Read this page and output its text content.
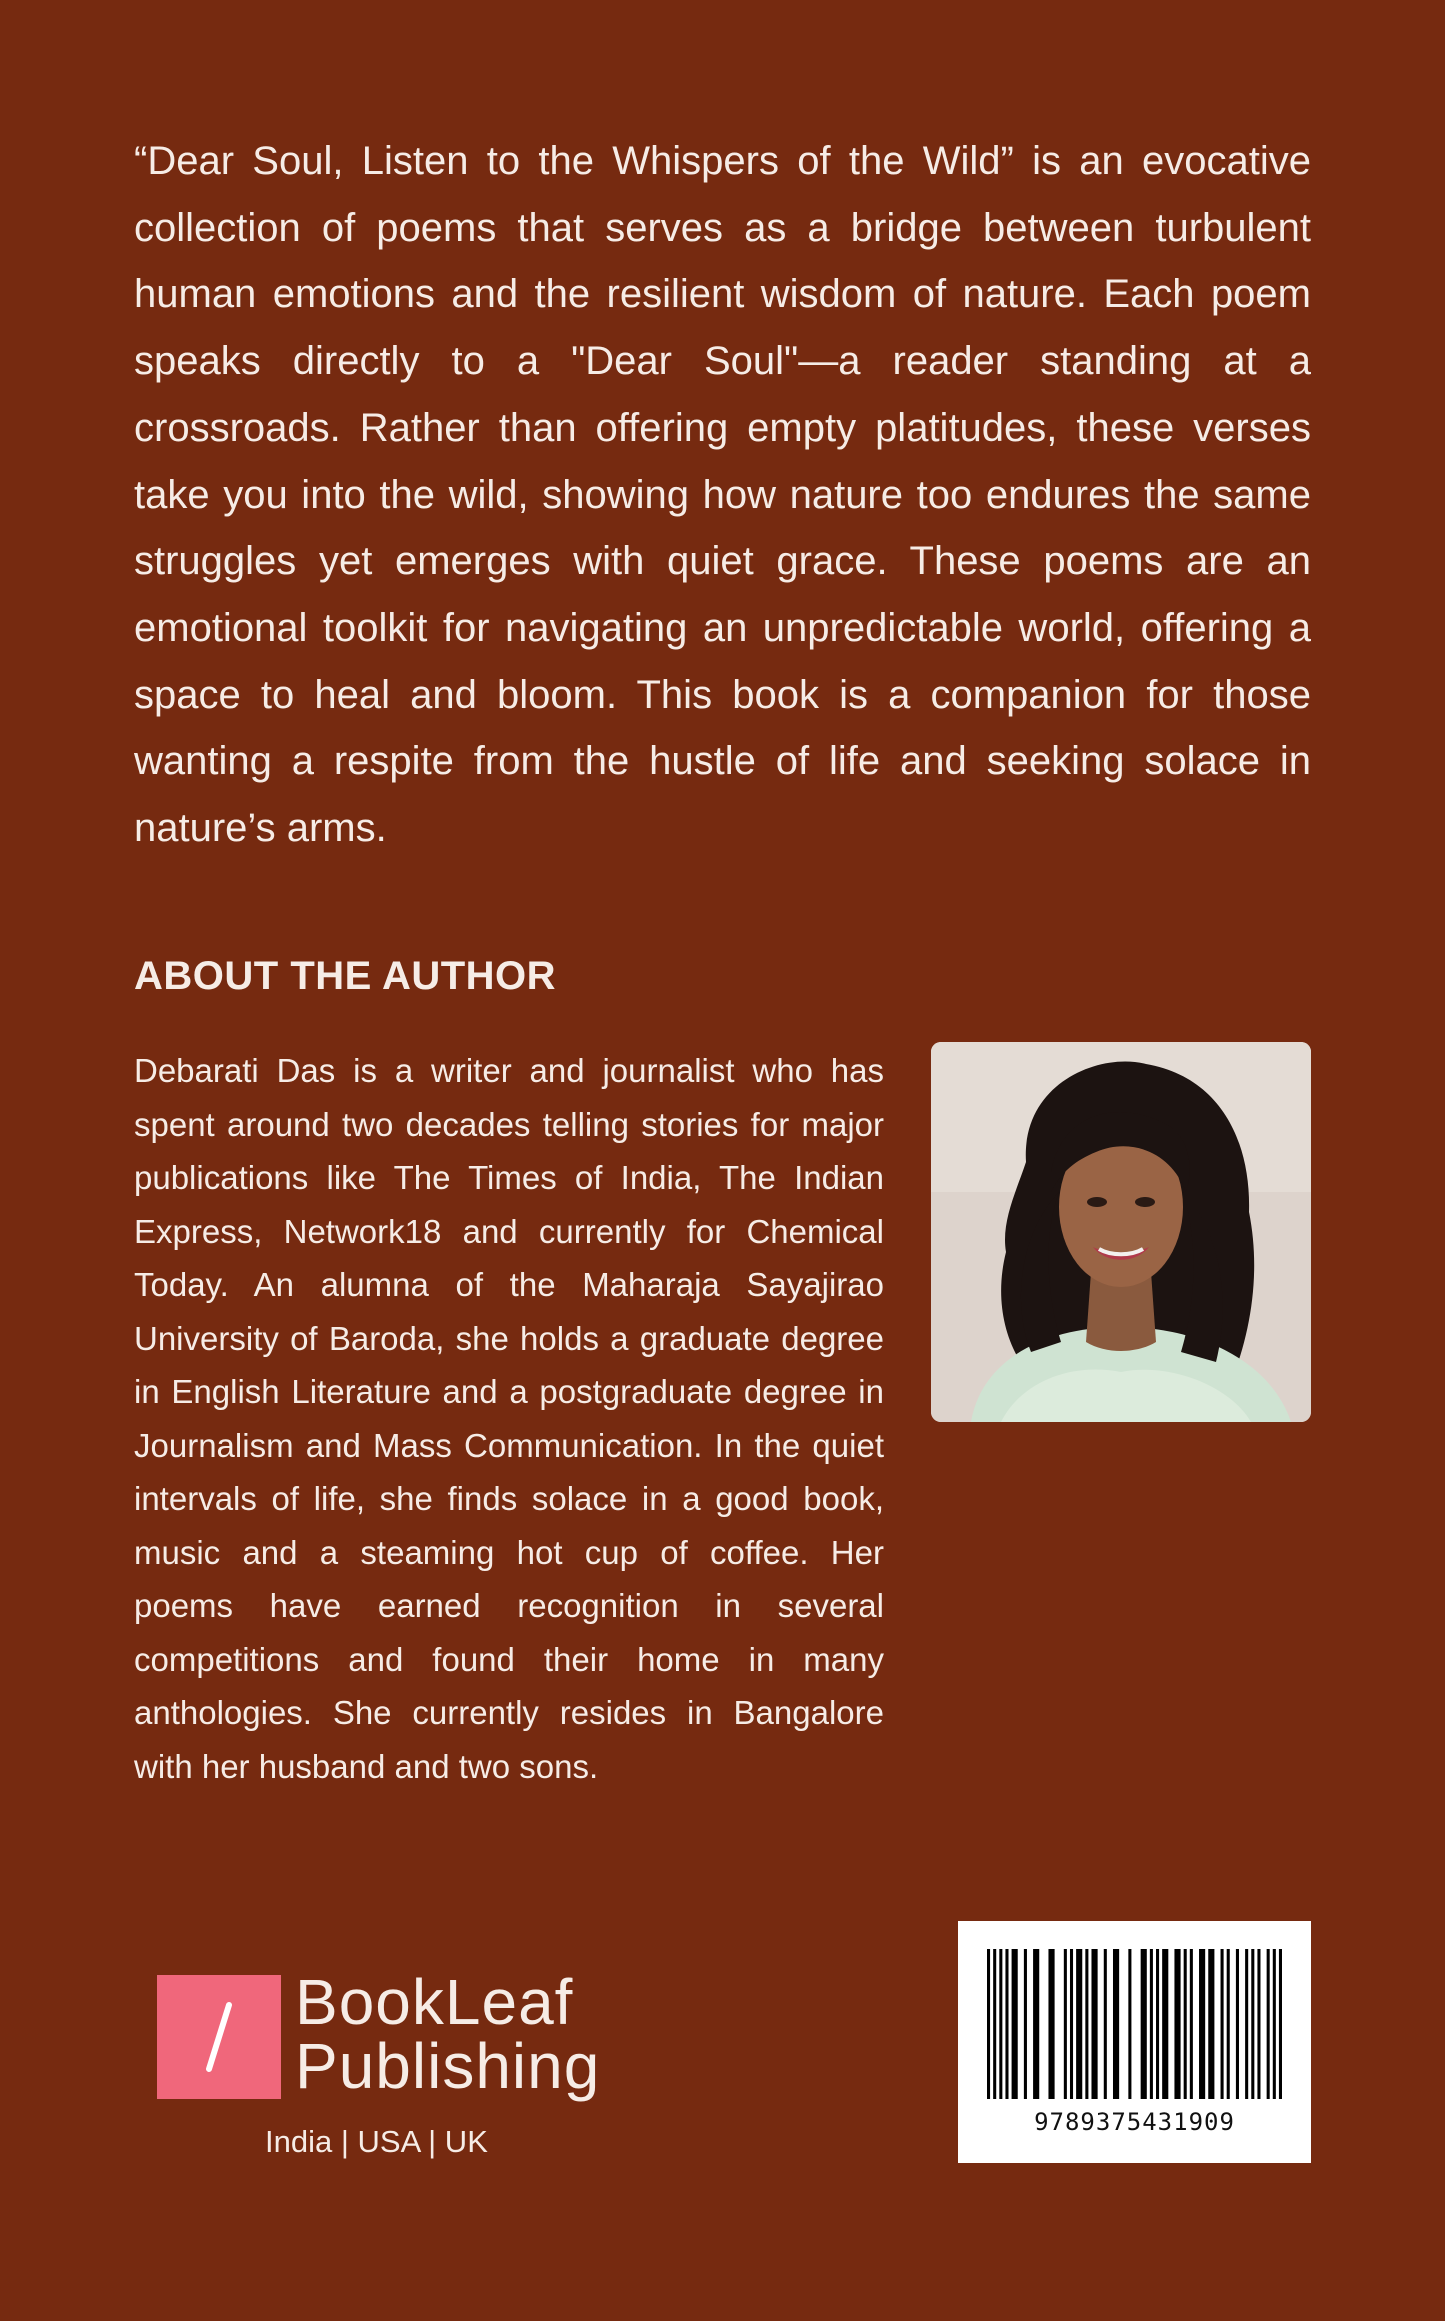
“Dear Soul, Listen to the Whispers of the Wild” is an evocative collection of poems that serves as a bridge between turbulent human emotions and the resilient wisdom of nature. Each poem speaks directly to a "Dear Soul"—a reader standing at a crossroads. Rather than offering empty platitudes, these verses take you into the wild, showing how nature too endures the same struggles yet emerges with quiet grace. These poems are an emotional toolkit for navigating an unpredictable world, offering a space to heal and bloom. This book is a companion for those wanting a respite from the hustle of life and seeking solace in nature’s arms.

ABOUT THE AUTHOR

Debarati Das is a writer and journalist who has spent around two decades telling stories for major publications like The Times of India, The Indian Express, Network18 and currently for Chemical Today. An alumna of the Maharaja Sayajirao University of Baroda, she holds a graduate degree in English Literature and a postgraduate degree in Journalism and Mass Communication. In the quiet intervals of life, she finds solace in a good book, music and a steaming hot cup of coffee. Her poems have earned recognition in several competitions and found their home in many anthologies. She currently resides in Bangalore with her husband and two sons.

BookLeaf
Publishing
India | USA | UK
9789375431909
